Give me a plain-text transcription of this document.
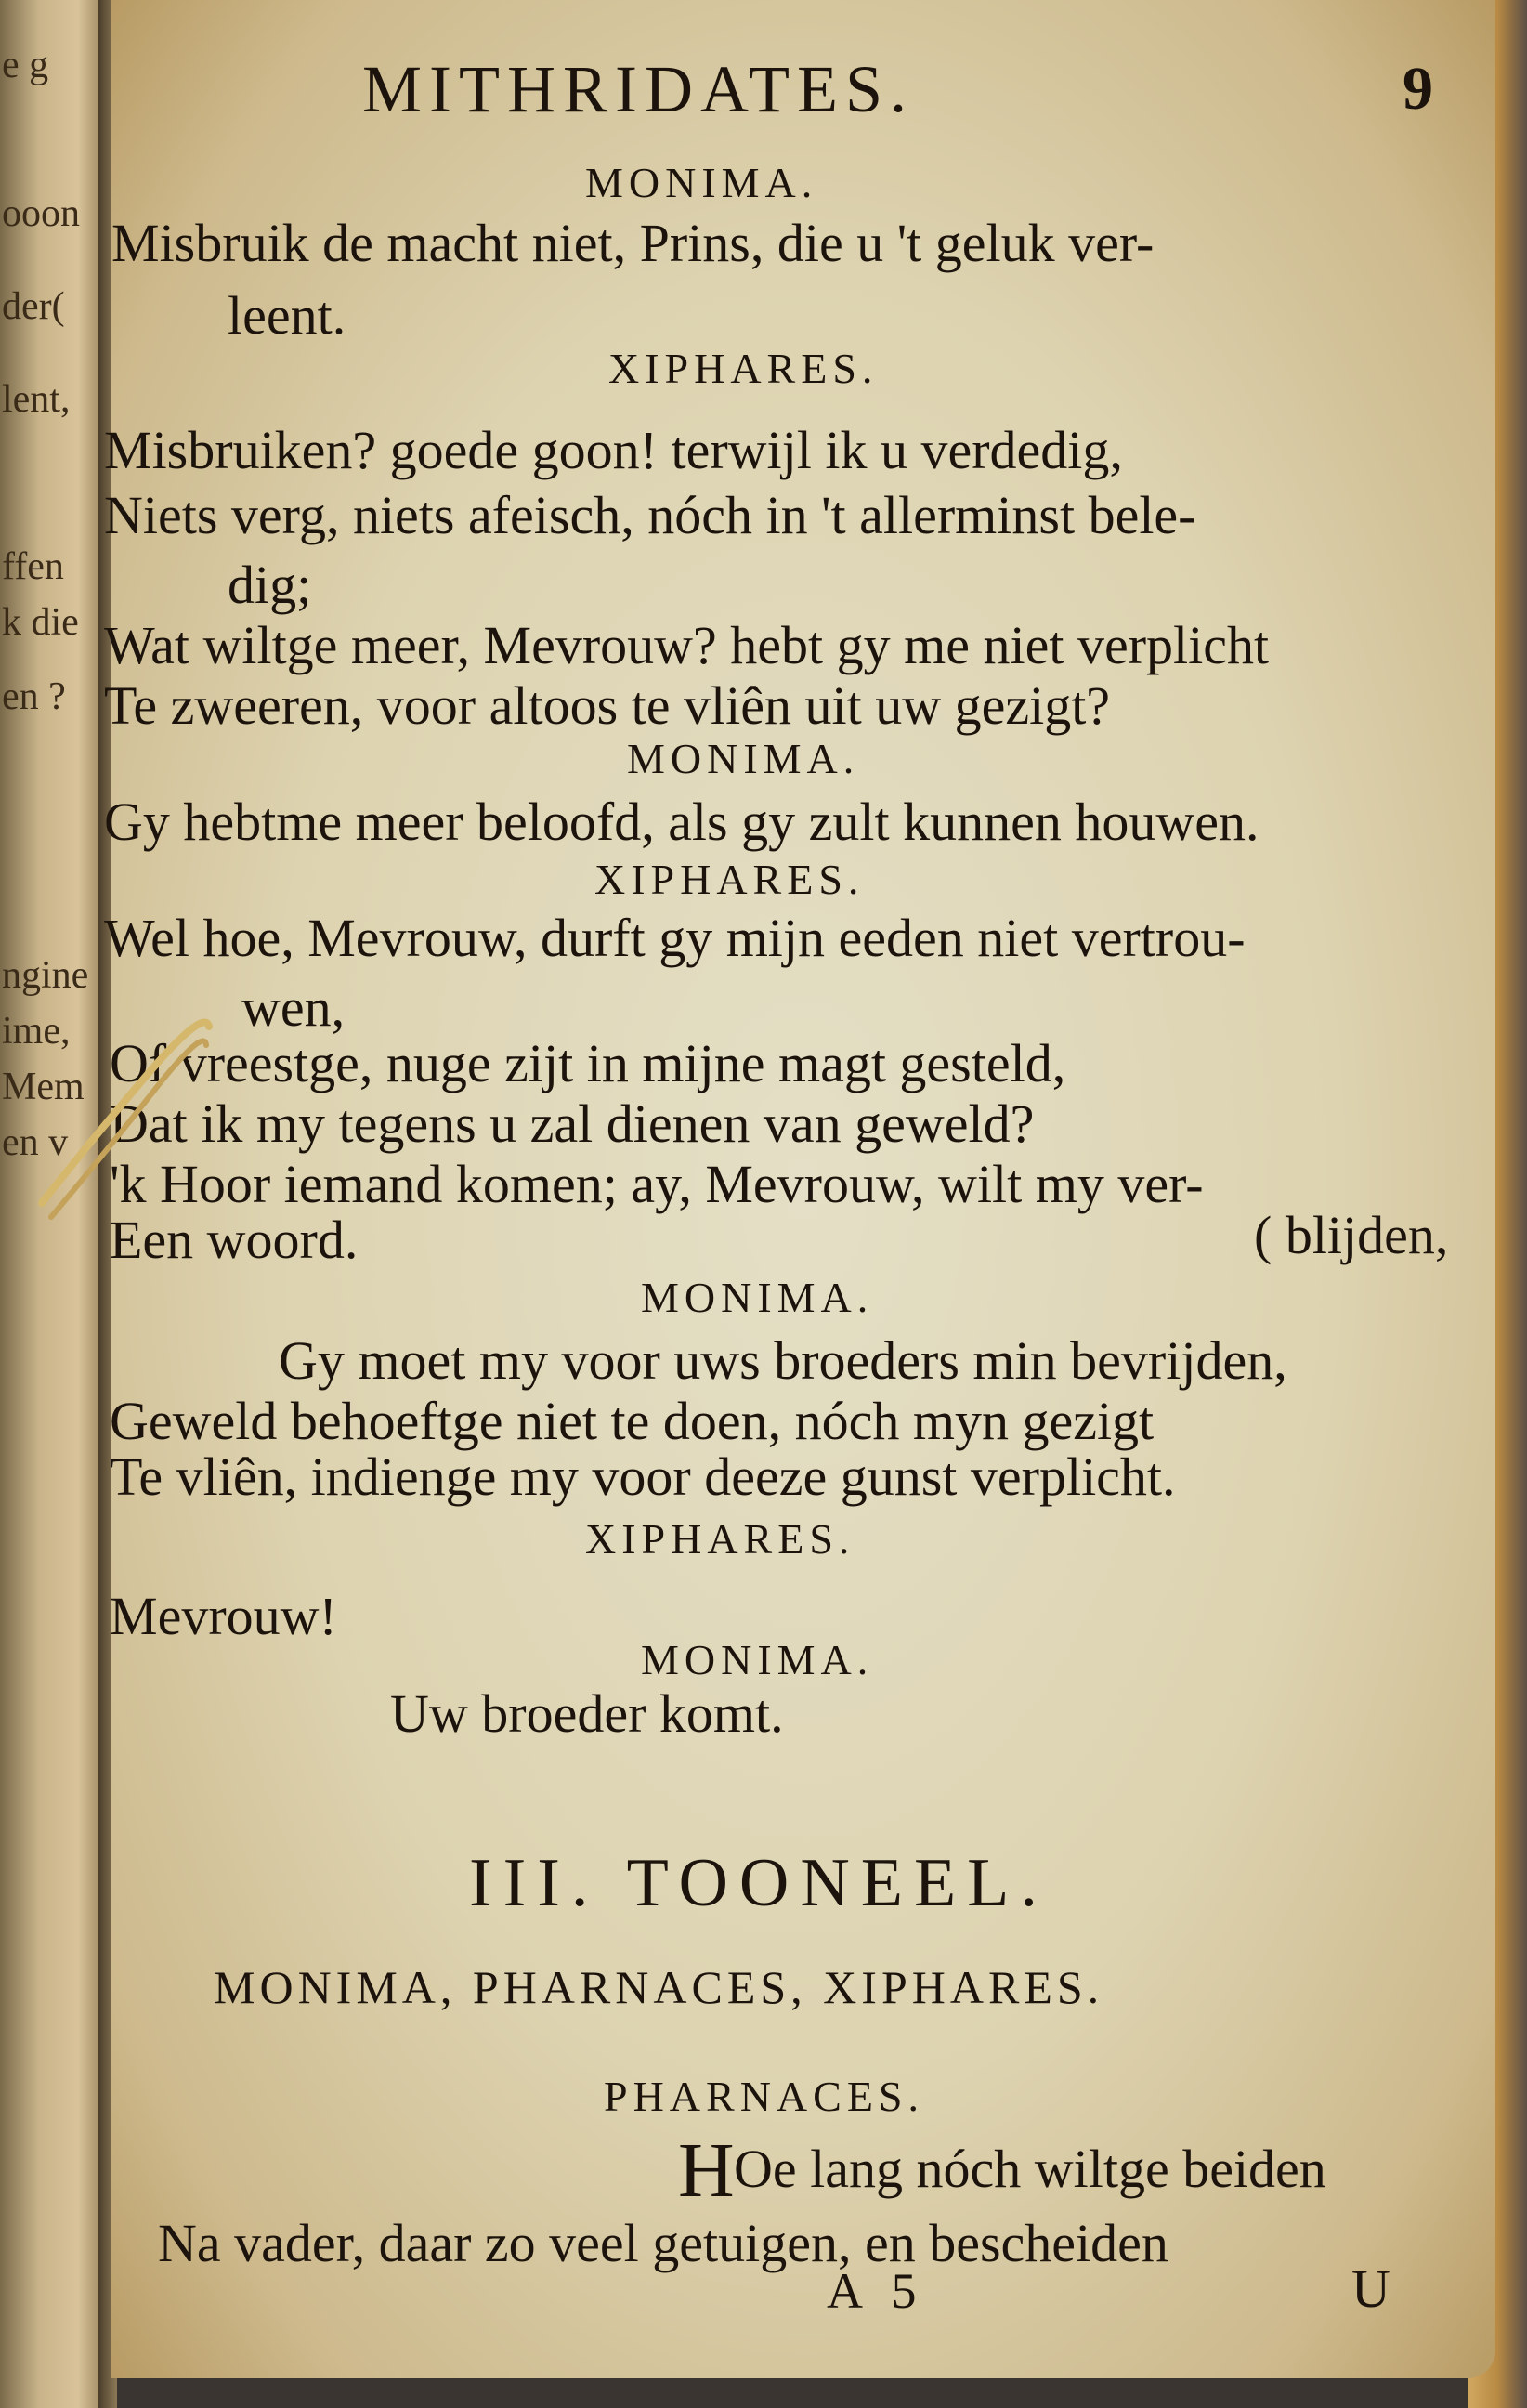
e g
ooon
der(
lent,
ffen
k die
en ?
ngine
ime,
Mem
en v
MITHRIDATES.	9
MONIMA.
Misbruik de macht niet, Prins, die u 't geluk ver-
leent.
XIPHARES.
Misbruiken? goede goon! terwijl ik u verdedig,
Niets verg, niets afeisch, nóch in 't allerminst bele-
dig;
Wat wiltge meer, Mevrouw? hebt gy me niet verplicht
Te zweeren, voor altoos te vliên uit uw gezigt?
MONIMA.
Gy hebtme meer beloofd, als gy zult kunnen houwen.
XIPHARES.
Wel hoe, Mevrouw, durft gy mijn eeden niet vertrou-
wen,
Of vreestge, nuge zijt in mijne magt gesteld,
Dat ik my tegens u zal dienen van geweld?
'k Hoor iemand komen; ay, Mevrouw, wilt my ver-
Een woord.	( blijden,
MONIMA.
Gy moet my voor uws broeders min bevrijden,
Geweld behoeftge niet te doen, nóch myn gezigt
Te vliên, indienge my voor deeze gunst verplicht.
XIPHARES.
Mevrouw!
MONIMA.
Uw broeder komt.
III. TOONEEL.
MONIMA, PHARNACES, XIPHARES.
PHARNACES.
H Oe lang nóch wiltge beiden
Na vader, daar zo veel getuigen, en bescheiden
A 5	U
